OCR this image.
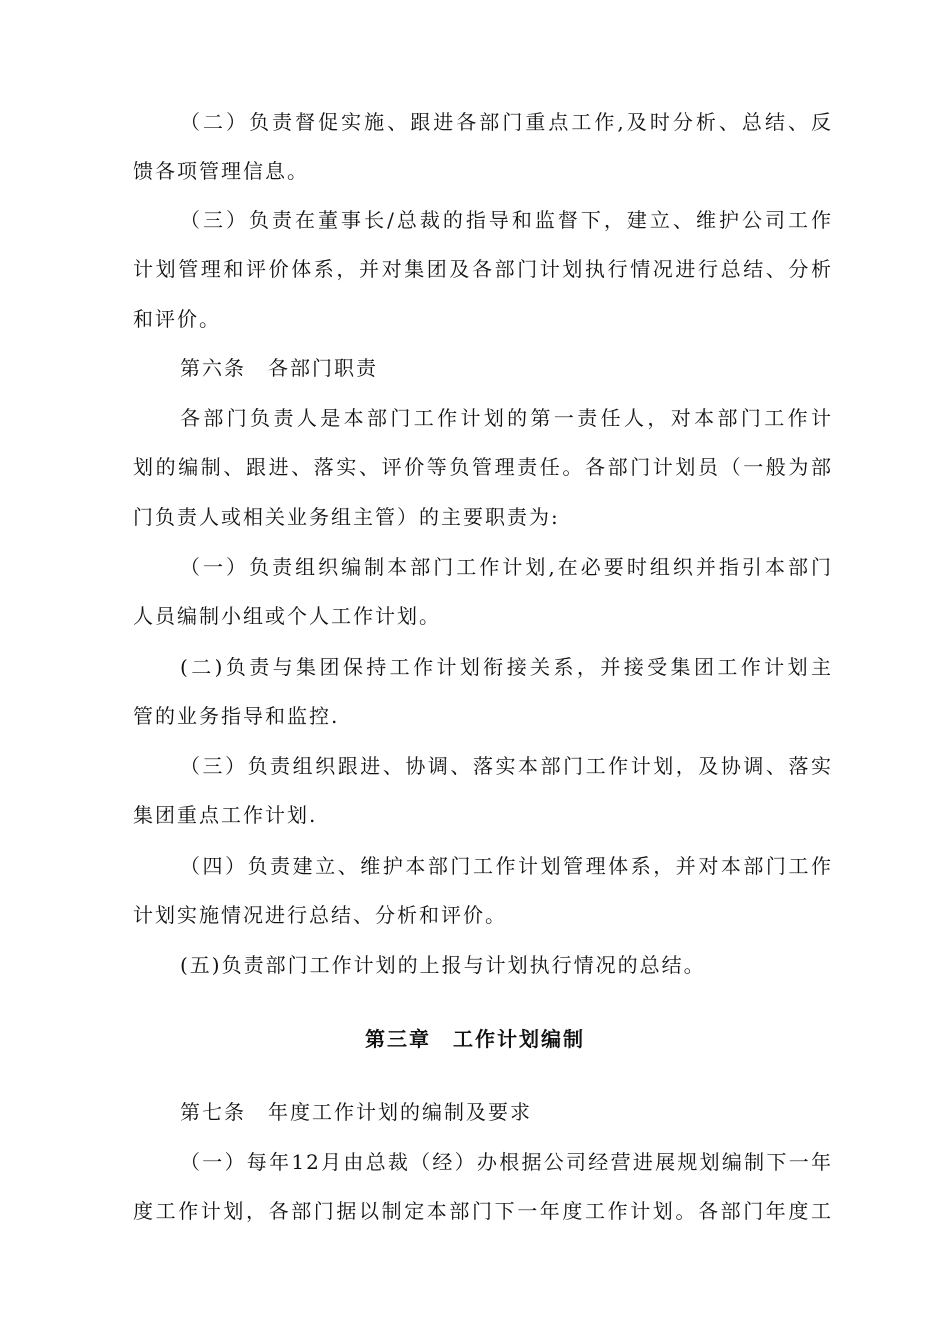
（二）负责督促实施、跟进各部门重点工作,及时分析、总结、反
馈各项管理信息。
（三）负责在董事长/总裁的指导和监督下，建立、维护公司工作
计划管理和评价体系，并对集团及各部门计划执行情况进行总结、分析
和评价。
第六条　各部门职责
各部门负责人是本部门工作计划的第一责任人，对本部门工作计
划的编制、跟进、落实、评价等负管理责任。各部门计划员（一般为部
门负责人或相关业务组主管）的主要职责为:
（一）负责组织编制本部门工作计划,在必要时组织并指引本部门
人员编制小组或个人工作计划。
(二)负责与集团保持工作计划衔接关系，并接受集团工作计划主
管的业务指导和监控.
（三）负责组织跟进、协调、落实本部门工作计划，及协调、落实
集团重点工作计划.
（四）负责建立、维护本部门工作计划管理体系，并对本部门工作
计划实施情况进行总结、分析和评价。
(五)负责部门工作计划的上报与计划执行情况的总结。
第三章　工作计划编制
第七条　年度工作计划的编制及要求
（一）每年12月由总裁（经）办根据公司经营进展规划编制下一年
度工作计划，各部门据以制定本部门下一年度工作计划。各部门年度工
